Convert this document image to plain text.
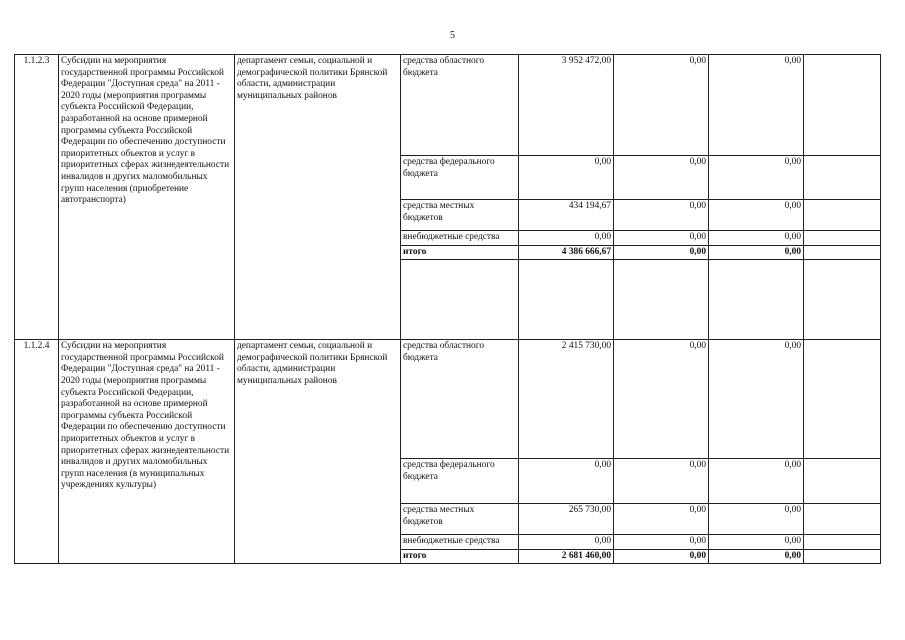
5
1.1.2.3	Субсидии на мероприятия государственной программы Российской Федерации "Доступная среда" на 2011 - 2020 годы (мероприятия программы субъекта Российской Федерации, разработанной на основе примерной программы субъекта Российской Федерации по обеспечению доступности приоритетных объектов и услуг в приоритетных сферах жизнедеятельности инвалидов и других маломобильных групп населения (приобретение автотранспорта)	департамент семьи, социальной и демографической политики Брянской области, администрации муниципальных районов	средства областного бюджета	3 952 472,00	0,00	0,00	
			средства федерального бюджета	0,00	0,00	0,00	
			средства местных бюджетов	434 194,67	0,00	0,00	
			внебюджетные средства	0,00	0,00	0,00	
			итого	4 386 666,67	0,00	0,00	

1.1.2.4	Субсидии на мероприятия государственной программы Российской Федерации "Доступная среда" на 2011 - 2020 годы (мероприятия программы субъекта Российской Федерации, разработанной на основе примерной программы субъекта Российской Федерации по обеспечению доступности приоритетных объектов и услуг в приоритетных сферах жизнедеятельности инвалидов и других маломобильных групп населения (в муниципальных учреждениях культуры)	департамент семьи, социальной и демографической политики Брянской области, администрации муниципальных районов	средства областного бюджета	2 415 730,00	0,00	0,00	
			средства федерального бюджета	0,00	0,00	0,00	
			средства местных бюджетов	265 730,00	0,00	0,00	
			внебюджетные средства	0,00	0,00	0,00	
			итого	2 681 460,00	0,00	0,00	
